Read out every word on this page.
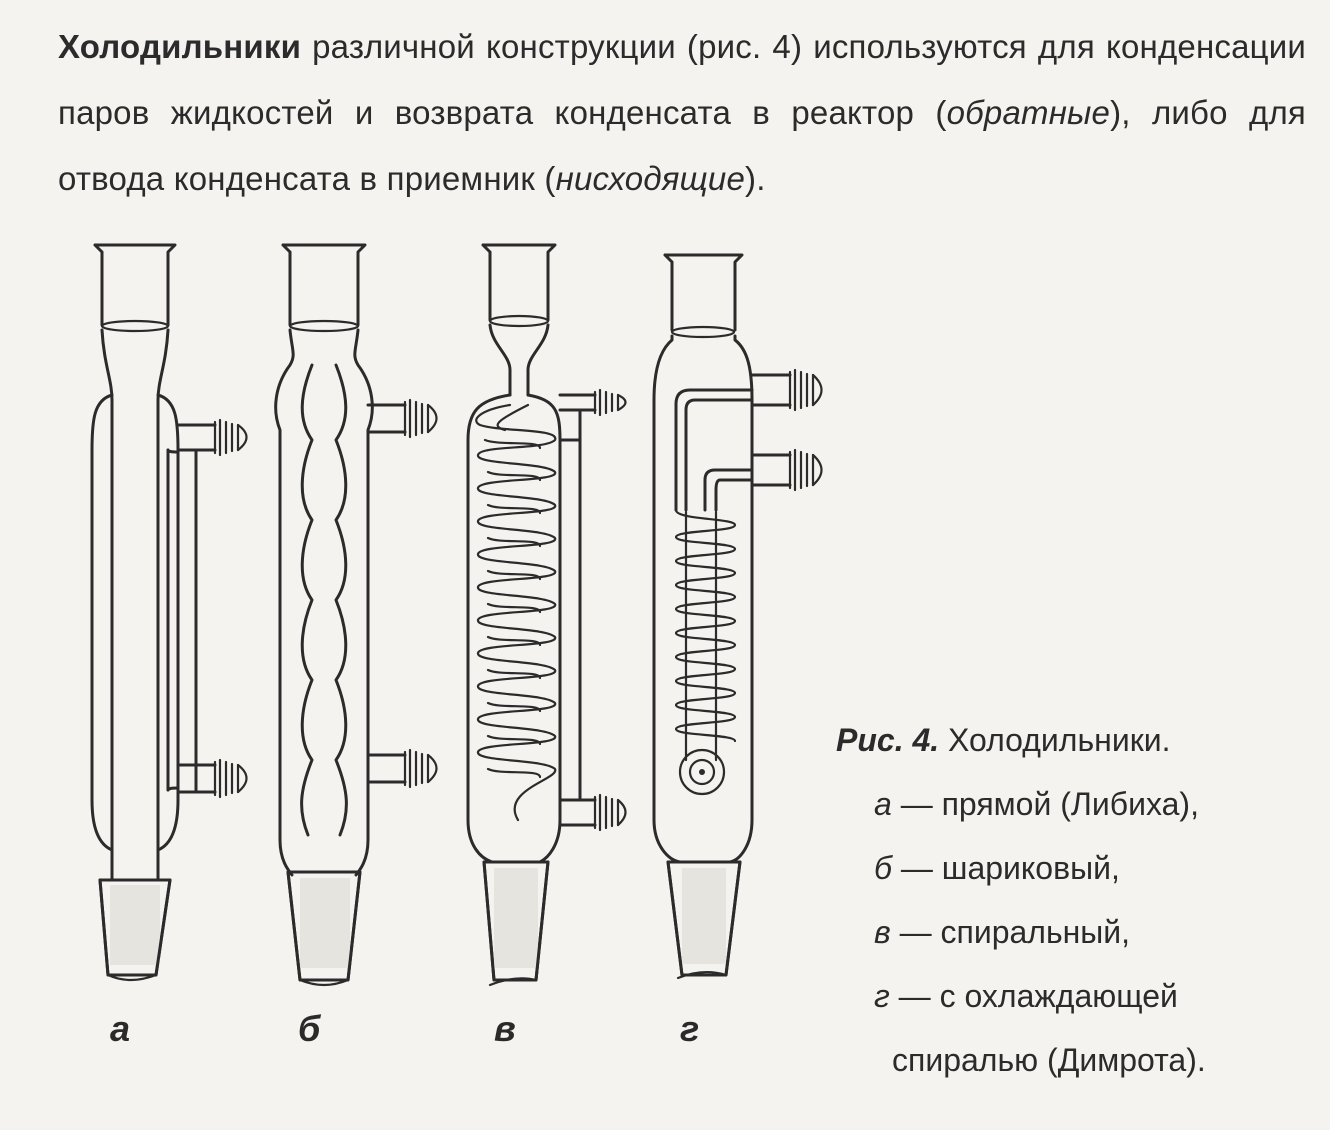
Холодильники различной конструкции (рис. 4) используются для конденсации паров жидкостей и возврата конденсата в реактор (обратные), либо для отвода конденсата в приемник (нисходящие).
а	б	в	г
Рис. 4. Холодильники.
а — прямой (Либиха),
б — шариковый,
в — спиральный,
г — с охлаждающей
спиралью (Димрота).
